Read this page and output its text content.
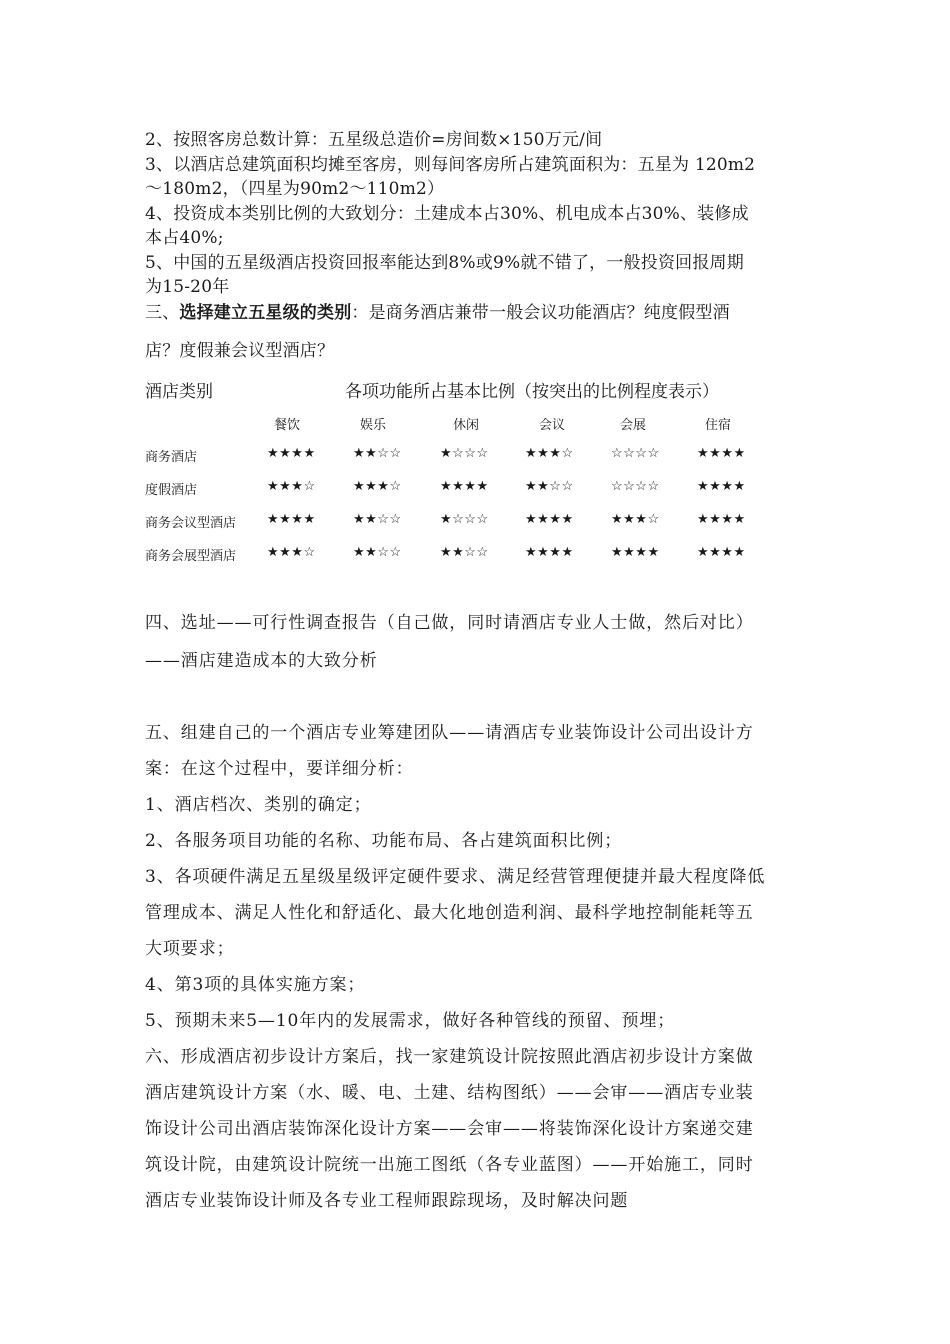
2、按照客房总数计算：五星级总造价=房间数×150万元/间
3、以酒店总建筑面积均摊至客房，则每间客房所占建筑面积为：五星为 120m2
～180m2，（四星为90m2～110m2）
4、投资成本类别比例的大致划分：土建成本占30%、机电成本占30%、装修成
本占40%;
5、中国的五星级酒店投资回报率能达到8%或9%就不错了，一般投资回报周期
为15-20年
三、选择建立五星级的类别：是商务酒店兼带一般会议功能酒店？纯度假型酒
店？度假兼会议型酒店？
酒店类别	各项功能所占基本比例（按突出的比例程度表示）
餐饮	娱乐	休闲	会议	会展	住宿
商务酒店	★★★★	★★☆☆	★☆☆☆	★★★☆	☆☆☆☆	★★★★
度假酒店	★★★☆	★★★☆	★★★★	★★☆☆	☆☆☆☆	★★★★
商务会议型酒店 ★★★★	★★☆☆	★☆☆☆	★★★★	★★★☆	★★★★
商务会展型酒店 ★★★☆	★★☆☆	★★☆☆	★★★★	★★★★	★★★★
四、选址——可行性调查报告（自己做，同时请酒店专业人士做，然后对比）
——酒店建造成本的大致分析
五、组建自己的一个酒店专业筹建团队——请酒店专业装饰设计公司出设计方
案：在这个过程中，要详细分析：
1、酒店档次、类别的确定；
2、各服务项目功能的名称、功能布局、各占建筑面积比例；
3、各项硬件满足五星级星级评定硬件要求、满足经营管理便捷并最大程度降低
管理成本、满足人性化和舒适化、最大化地创造利润、最科学地控制能耗等五
大项要求；
4、第3项的具体实施方案；
5、预期未来5—10年内的发展需求，做好各种管线的预留、预埋；
六、形成酒店初步设计方案后，找一家建筑设计院按照此酒店初步设计方案做
酒店建筑设计方案（水、暖、电、土建、结构图纸）——会审——酒店专业装
饰设计公司出酒店装饰深化设计方案——会审——将装饰深化设计方案递交建
筑设计院，由建筑设计院统一出施工图纸（各专业蓝图）——开始施工，同时
酒店专业装饰设计师及各专业工程师跟踪现场，及时解决问题
